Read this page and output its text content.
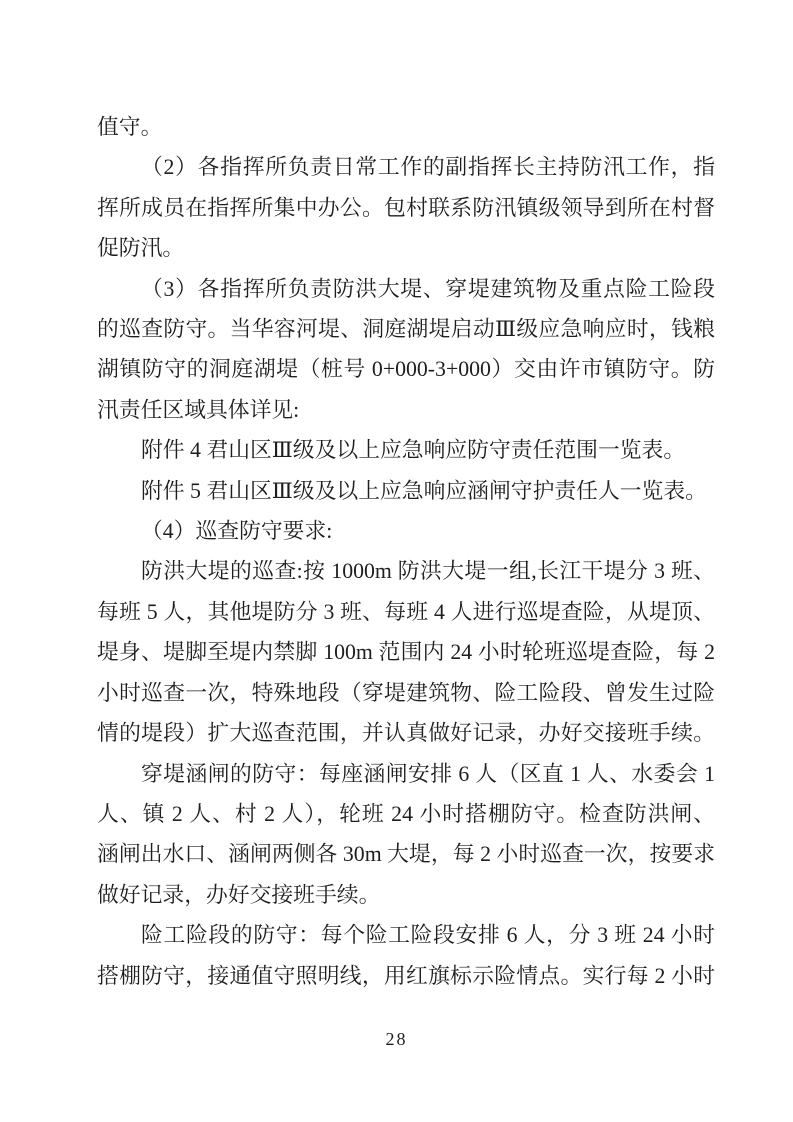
值守。

（2）各指挥所负责日常工作的副指挥长主持防汛工作，指

挥所成员在指挥所集中办公。包村联系防汛镇级领导到所在村督

促防汛。

（3）各指挥所负责防洪大堤、穿堤建筑物及重点险工险段

的巡查防守。当华容河堤、洞庭湖堤启动Ⅲ级应急响应时，钱粮

湖镇防守的洞庭湖堤（桩号 0+000-3+000）交由许市镇防守。防

汛责任区域具体详见:

附件 4 君山区Ⅲ级及以上应急响应防守责任范围一览表。

附件 5 君山区Ⅲ级及以上应急响应涵闸守护责任人一览表。

（4）巡查防守要求:

防洪大堤的巡查:按 1000m 防洪大堤一组,长江干堤分 3 班、

每班 5 人，其他堤防分 3 班、每班 4 人进行巡堤查险，从堤顶、

堤身、堤脚至堤内禁脚 100m 范围内 24 小时轮班巡堤查险，每 2

小时巡查一次，特殊地段（穿堤建筑物、险工险段、曾发生过险

情的堤段）扩大巡查范围，并认真做好记录，办好交接班手续。

穿堤涵闸的防守：每座涵闸安排 6 人（区直 1 人、水委会 1

人、镇 2 人、村 2 人），轮班 24 小时搭棚防守。检查防洪闸、

涵闸出水口、涵闸两侧各 30m 大堤，每 2 小时巡查一次，按要求

做好记录，办好交接班手续。

险工险段的防守：每个险工险段安排 6 人，分 3 班 24 小时

搭棚防守，接通值守照明线，用红旗标示险情点。实行每 2 小时

28
